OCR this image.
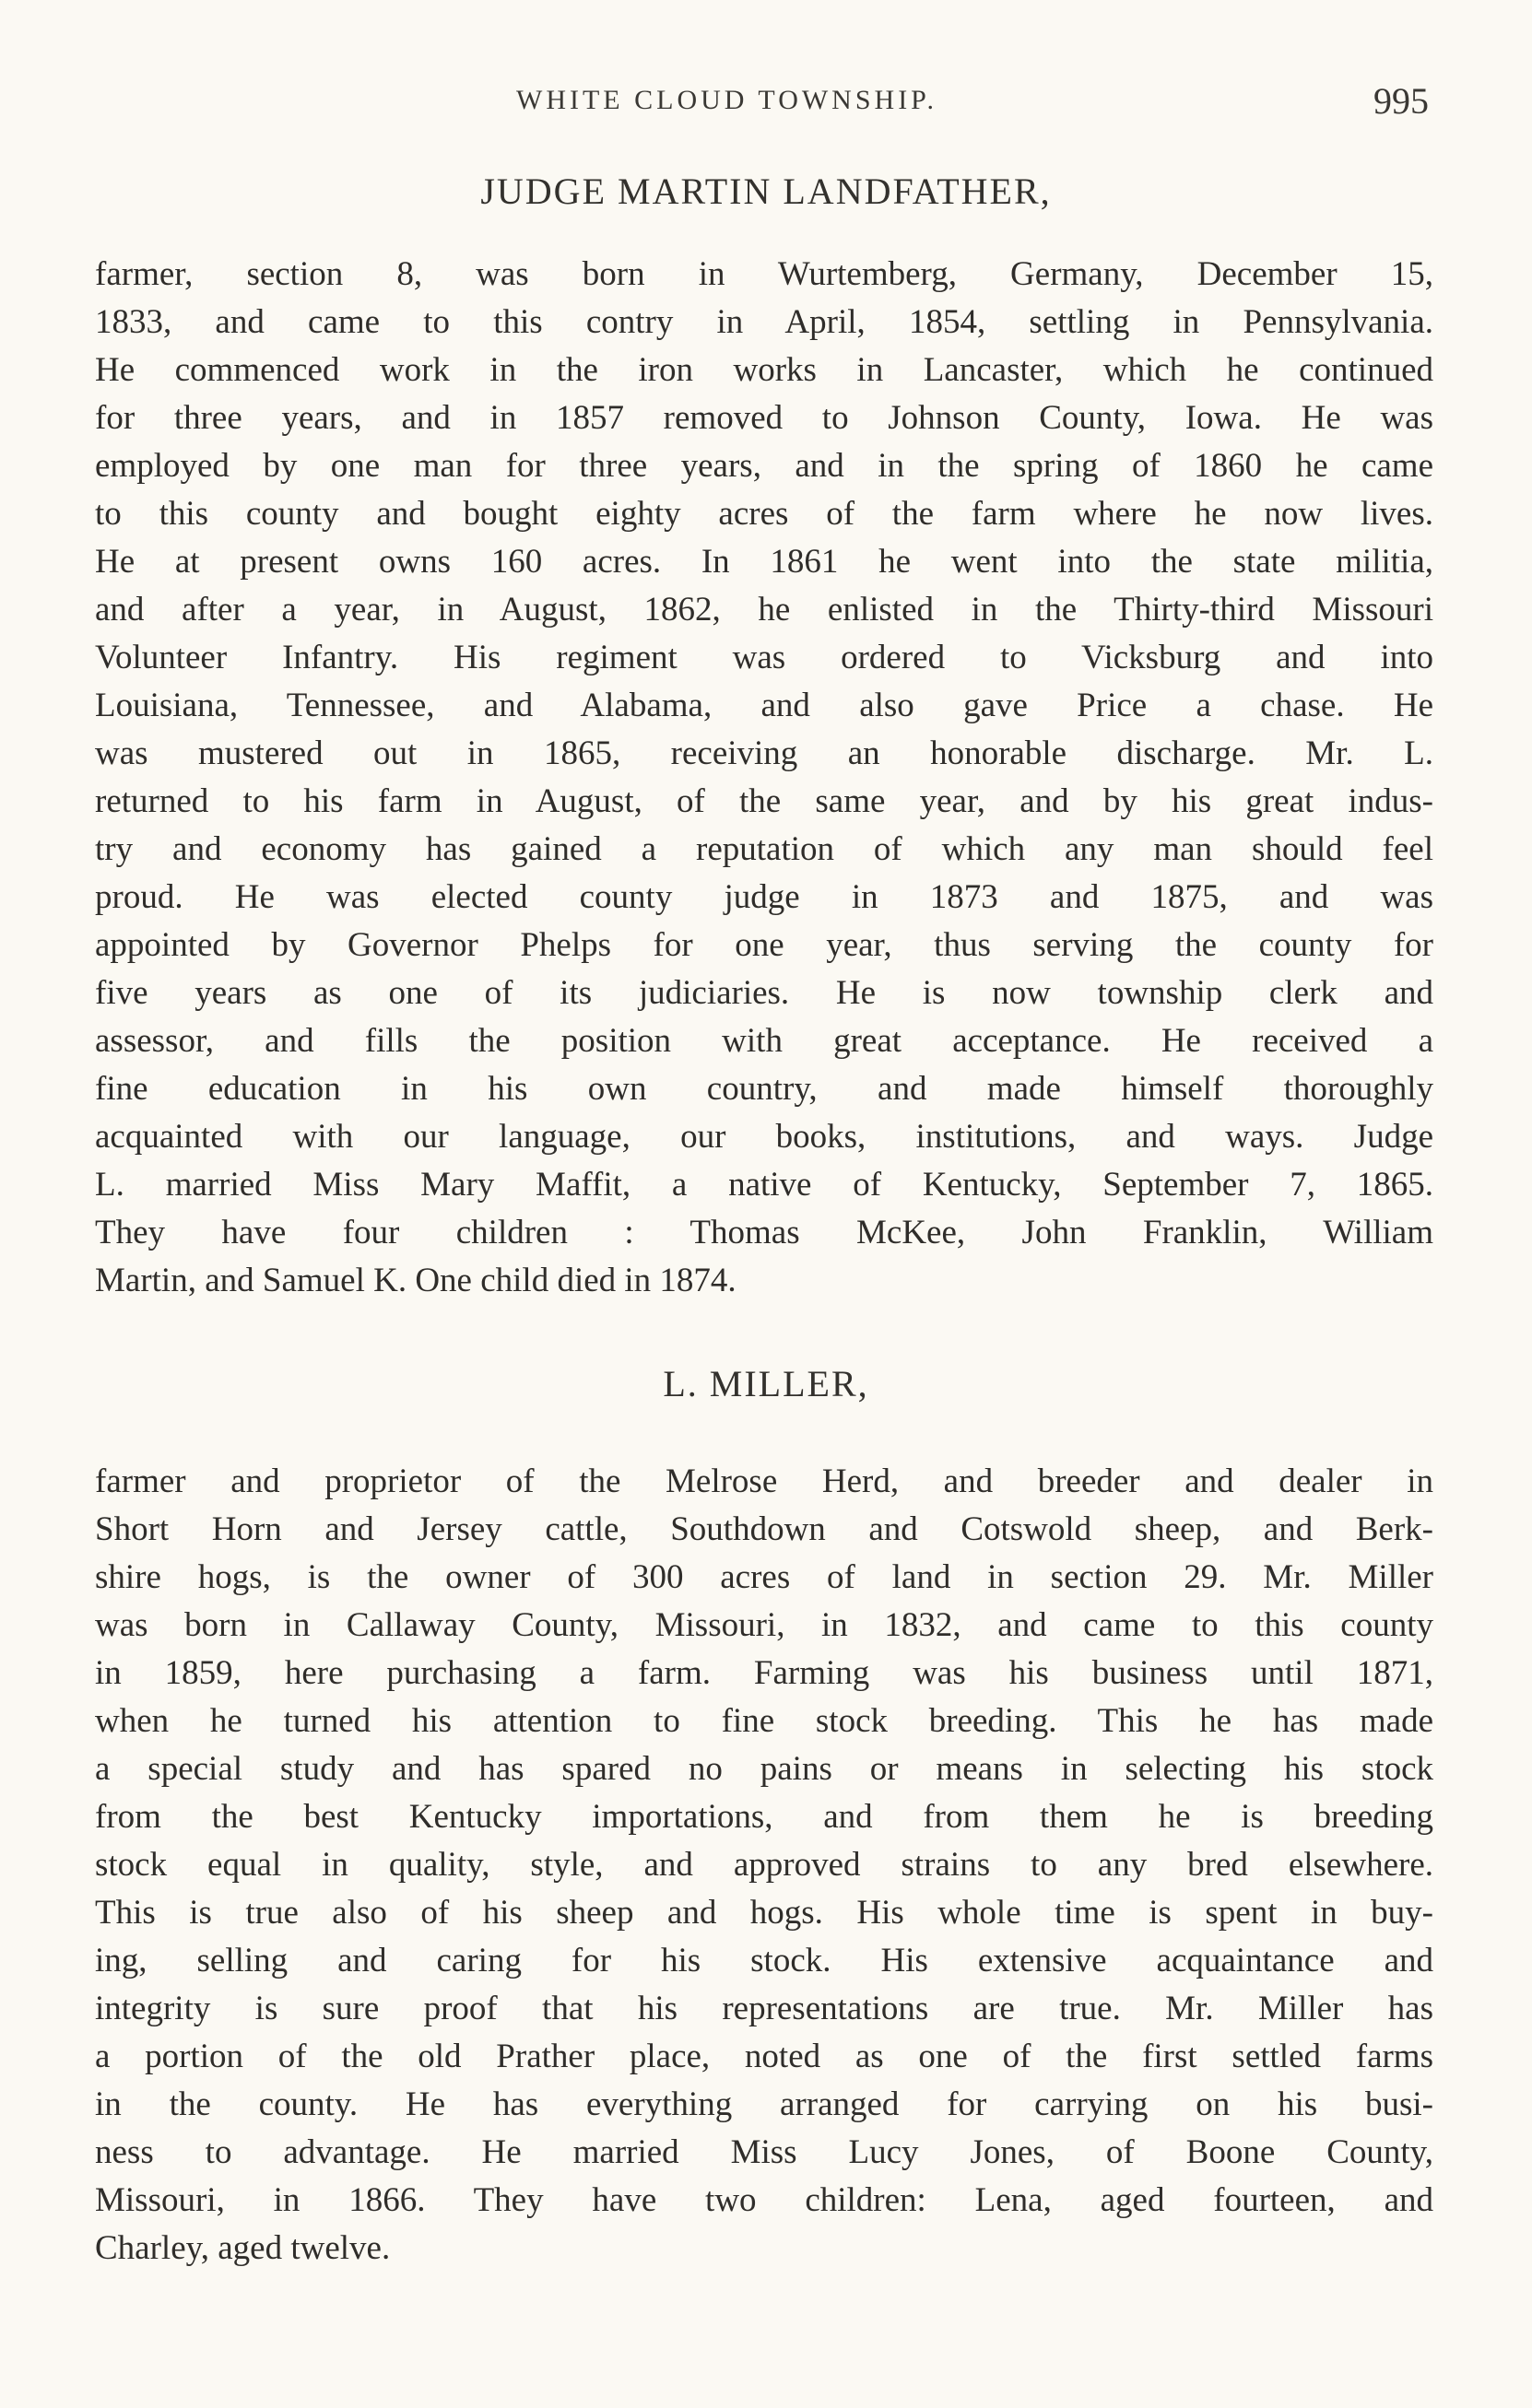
WHITE CLOUD TOWNSHIP.	995
JUDGE MARTIN LANDFATHER,
farmer, section 8, was born in Wurtemberg, Germany, December 15,
1833, and came to this contry in April, 1854, settling in Pennsylvania.
He commenced work in the iron works in Lancaster, which he continued
for three years, and in 1857 removed to Johnson County, Iowa. He was
employed by one man for three years, and in the spring of 1860 he came
to this county and bought eighty acres of the farm where he now lives.
He at present owns 160 acres. In 1861 he went into the state militia,
and after a year, in August, 1862, he enlisted in the Thirty-third Missouri
Volunteer Infantry. His regiment was ordered to Vicksburg and into
Louisiana, Tennessee, and Alabama, and also gave Price a chase. He
was mustered out in 1865, receiving an honorable discharge. Mr. L.
returned to his farm in August, of the same year, and by his great indus-
try and economy has gained a reputation of which any man should feel
proud. He was elected county judge in 1873 and 1875, and was
appointed by Governor Phelps for one year, thus serving the county for
five years as one of its judiciaries. He is now township clerk and
assessor, and fills the position with great acceptance. He received a
fine education in his own country, and made himself thoroughly
acquainted with our language, our books, institutions, and ways. Judge
L. married Miss Mary Maffit, a native of Kentucky, September 7, 1865.
They have four children : Thomas McKee, John Franklin, William
Martin, and Samuel K. One child died in 1874.
L. MILLER,
farmer and proprietor of the Melrose Herd, and breeder and dealer in
Short Horn and Jersey cattle, Southdown and Cotswold sheep, and Berk-
shire hogs, is the owner of 300 acres of land in section 29. Mr. Miller
was born in Callaway County, Missouri, in 1832, and came to this county
in 1859, here purchasing a farm. Farming was his business until 1871,
when he turned his attention to fine stock breeding. This he has made
a special study and has spared no pains or means in selecting his stock
from the best Kentucky importations, and from them he is breeding
stock equal in quality, style, and approved strains to any bred elsewhere.
This is true also of his sheep and hogs. His whole time is spent in buy-
ing, selling and caring for his stock. His extensive acquaintance and
integrity is sure proof that his representations are true. Mr. Miller has
a portion of the old Prather place, noted as one of the first settled farms
in the county. He has everything arranged for carrying on his busi-
ness to advantage. He married Miss Lucy Jones, of Boone County,
Missouri, in 1866. They have two children: Lena, aged fourteen, and
Charley, aged twelve.
